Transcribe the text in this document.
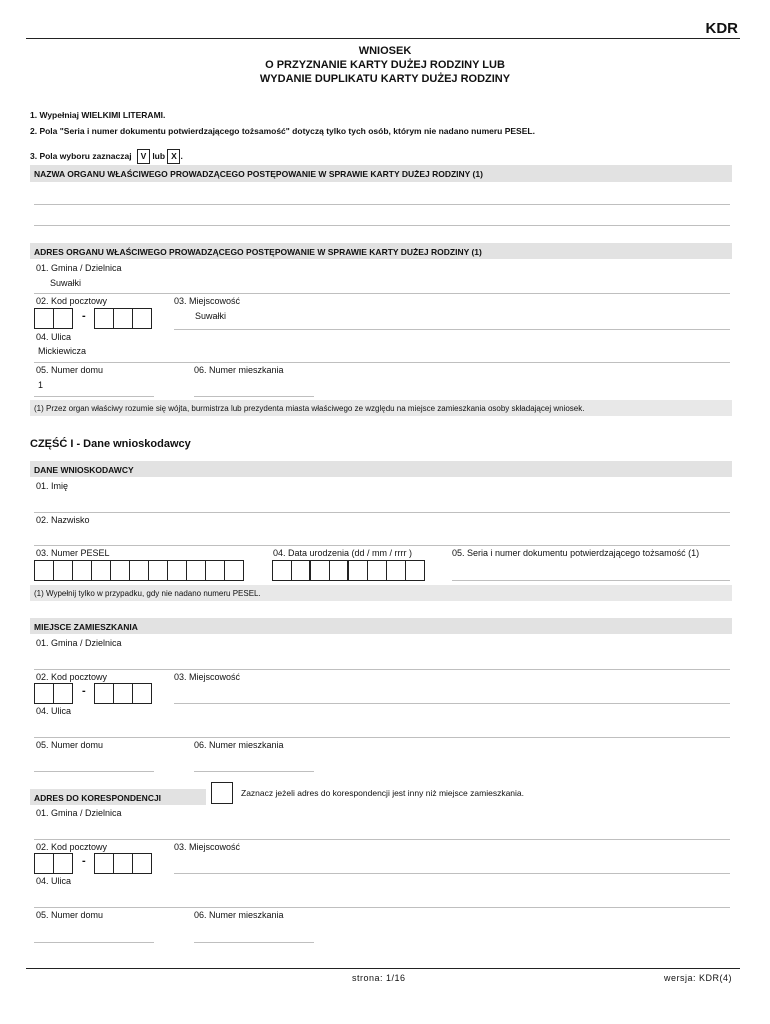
KDR
WNIOSEK
O PRZYZNANIE KARTY DUŻEJ RODZINY LUB
WYDANIE DUPLIKATU KARTY DUŻEJ RODZINY
1. Wypełniaj WIELKIMI LITERAMI.
2. Pola "Seria i numer dokumentu potwierdzającego tożsamość" dotyczą tylko tych osób, którym nie nadano numeru PESEL.
3. Pola wyboru zaznaczaj V lub X .
NAZWA ORGANU WŁAŚCIWEGO PROWADZĄCEGO POSTĘPOWANIE W SPRAWIE KARTY DUŻEJ RODZINY (1)
ADRES ORGANU WŁAŚCIWEGO PROWADZĄCEGO POSTĘPOWANIE W SPRAWIE KARTY DUŻEJ RODZINY (1)
01. Gmina / Dzielnica
Suwałki
02. Kod pocztowy
-
03. Miejscowość
Suwałki
04. Ulica
Mickiewicza
05. Numer domu
1
06. Numer mieszkania
(1) Przez organ właściwy rozumie się wójta, burmistrza lub prezydenta miasta właściwego ze względu na miejsce zamieszkania osoby składającej wniosek.
CZĘŚĆ I - Dane wnioskodawcy
DANE WNIOSKODAWCY
01. Imię
02. Nazwisko
03. Numer PESEL	04. Data urodzenia (dd / mm / rrrr )	05. Seria i numer dokumentu potwierdzającego tożsamość (1)
(1) Wypełnij tylko w przypadku, gdy nie nadano numeru PESEL.
MIEJSCE ZAMIESZKANIA
01. Gmina / Dzielnica
02. Kod pocztowy
-
03. Miejscowość
04. Ulica
05. Numer domu	06. Numer mieszkania
Zaznacz jeżeli adres do korespondencji jest inny niż miejsce zamieszkania.
ADRES DO KORESPONDENCJI
01. Gmina / Dzielnica
02. Kod pocztowy
-
03. Miejscowość
04. Ulica
05. Numer domu	06. Numer mieszkania
strona: 1/16	wersja: KDR(4)
